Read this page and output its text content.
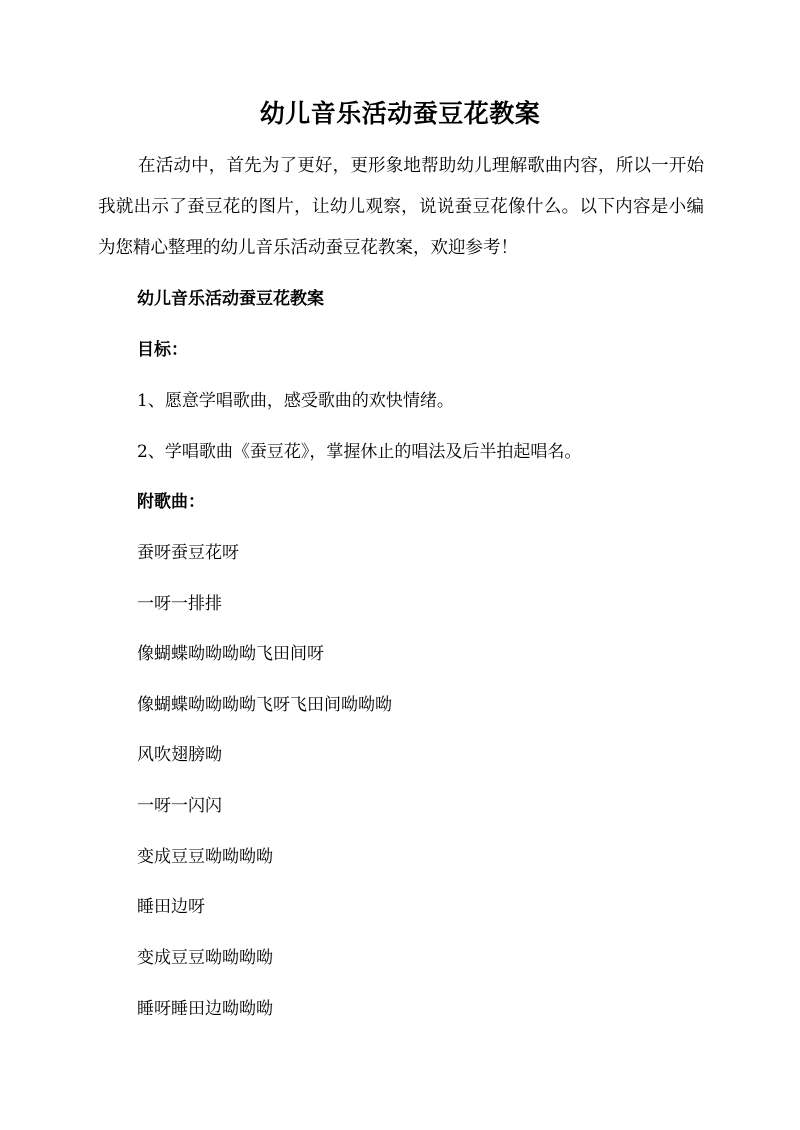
幼儿音乐活动蚕豆花教案

在活动中，首先为了更好，更形象地帮助幼儿理解歌曲内容，所以一开始我就出示了蚕豆花的图片，让幼儿观察，说说蚕豆花像什么。以下内容是小编为您精心整理的幼儿音乐活动蚕豆花教案，欢迎参考！

幼儿音乐活动蚕豆花教案

目标：

1、愿意学唱歌曲，感受歌曲的欢快情绪。

2、学唱歌曲《蚕豆花》，掌握休止的唱法及后半拍起唱名。

附歌曲：

蚕呀蚕豆花呀

一呀一排排

像蝴蝶呦呦呦呦飞田间呀

像蝴蝶呦呦呦呦飞呀飞田间呦呦呦

风吹翅膀呦

一呀一闪闪

变成豆豆呦呦呦呦

睡田边呀

变成豆豆呦呦呦呦

睡呀睡田边呦呦呦
